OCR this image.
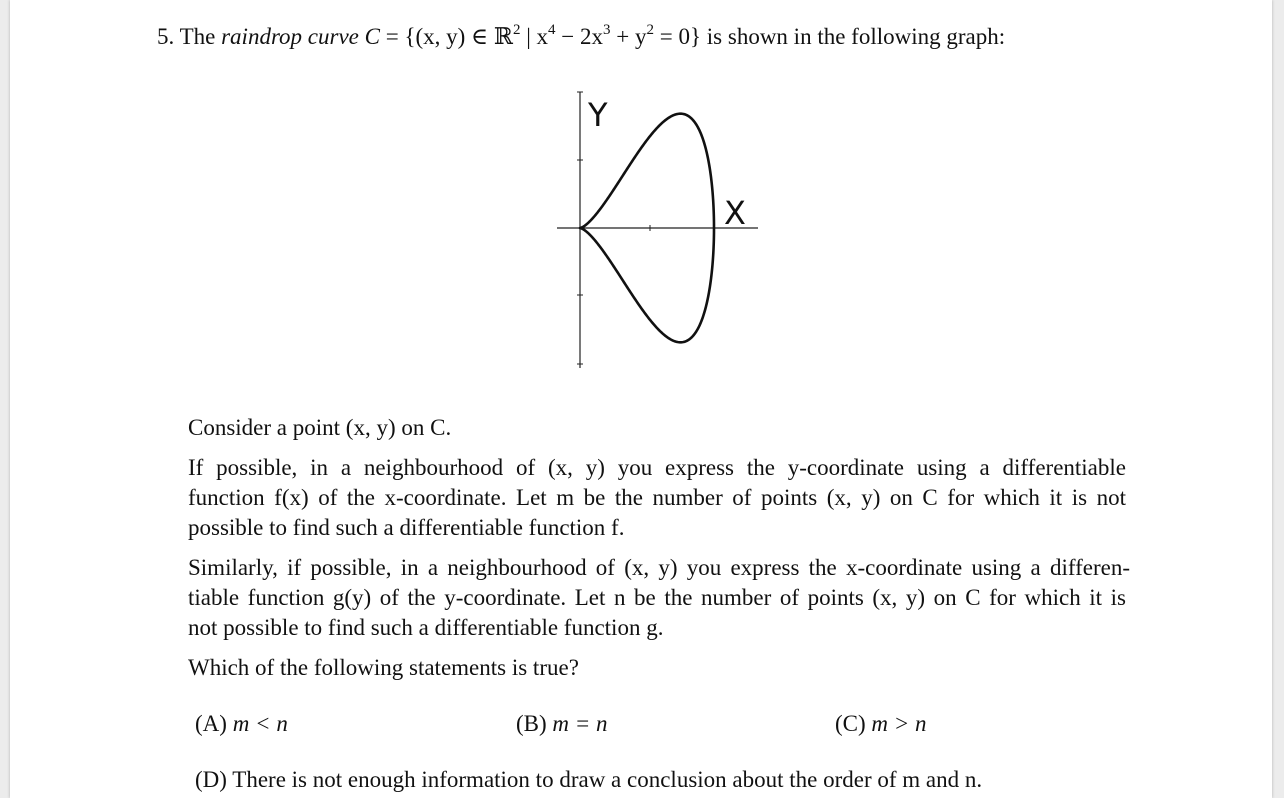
5. The raindrop curve C = {(x, y) ∈ ℝ$^2$ | $x^4 - 2x^3 + y^2 = 0$} is shown in the following graph:
Y
X
Consider a point (x, y) on C.
If possible, in a neighbourhood of (x, y) you express the y-coordinate using a differentiable
function f(x) of the x-coordinate. Let m be the number of points (x, y) on C for which it is not
possible to find such a differentiable function f.
Similarly, if possible, in a neighbourhood of (x, y) you express the x-coordinate using a differen-
tiable function g(y) of the y-coordinate. Let n be the number of points (x, y) on C for which it is
not possible to find such a differentiable function g.
Which of the following statements is true?
(A) m < n	(B) m = n	(C) m > n
(D) There is not enough information to draw a conclusion about the order of m and n.
